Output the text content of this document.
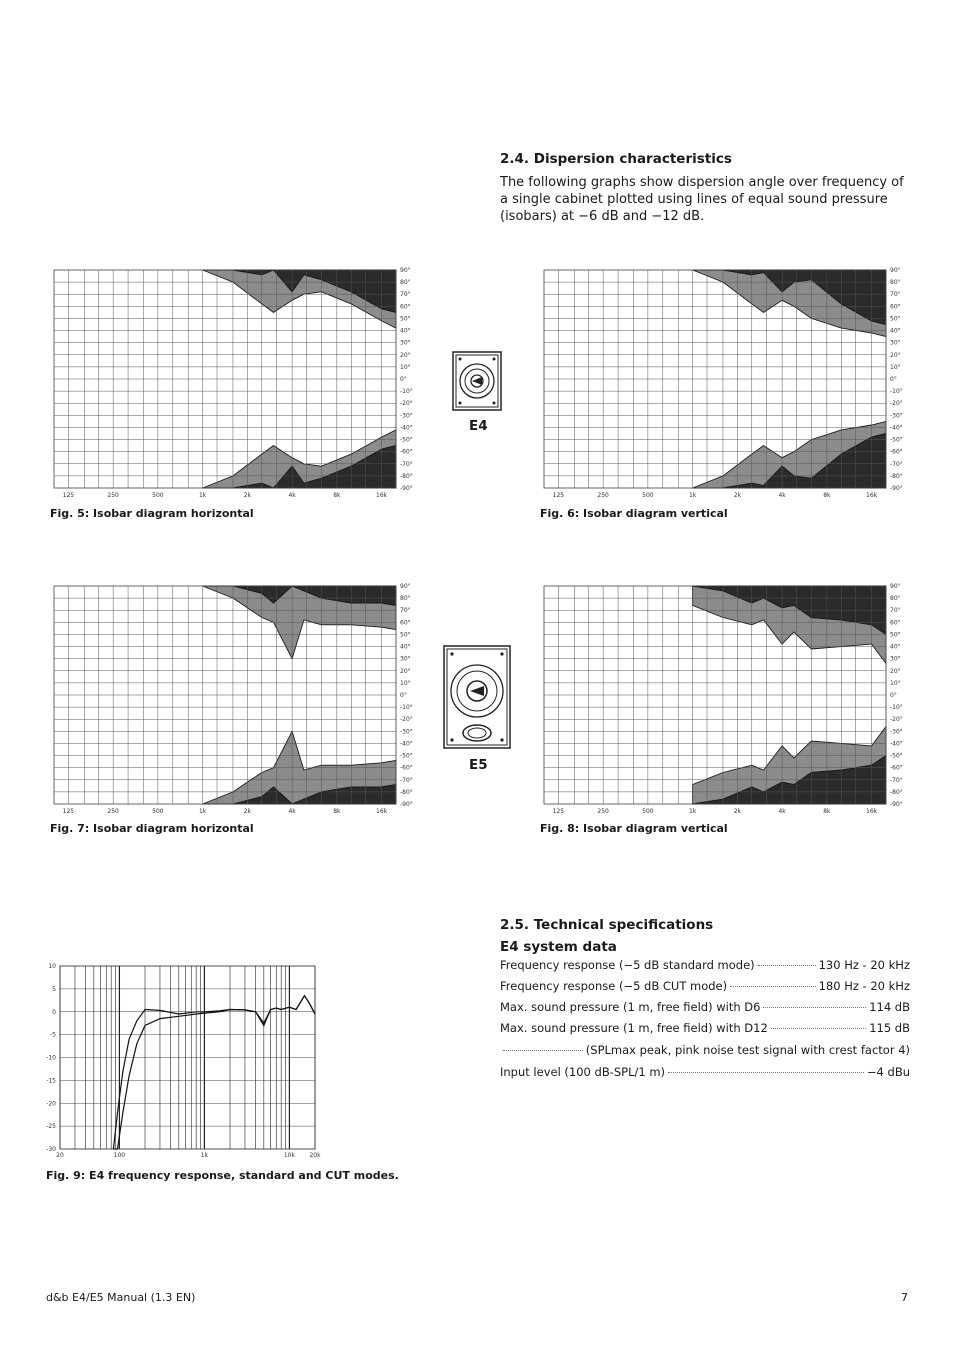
2.4. Dispersion characteristics
The following graphs show dispersion angle over frequency of a single cabinet plotted using lines of equal sound pressure (isobars) at −6 dB and −12 dB.
90°
80°
70°
60°
50°
40°
30°
20°
10°
0°
-10°
-20°
-30°
-40°
-50°
-60°
-70°
-80°
-90°
125	250	500	1k	2k	4k	8k	16k
90°
80°
70°
60°
50°
40°
30°
20°
10°
0°
-10°
-20°
-30°
-40°
-50°
-60°
-70°
-80°
-90°
125	250	500	1k	2k	4k	8k	16k
90°
80°
70°
60°
50°
40°
30°
20°
10°
0°
-10°
-20°
-30°
-40°
-50°
-60°
-70°
-80°
-90°
125	250	500	1k	2k	4k	8k	16k
90°
80°
70°
60°
50°
40°
30°
20°
10°
0°
-10°
-20°
-30°
-40°
-50°
-60°
-70°
-80°
-90°
125	250	500	1k	2k	4k	8k	16k
Fig. 5: Isobar diagram horizontal	Fig. 6: Isobar diagram vertical
Fig. 7: Isobar diagram horizontal	Fig. 8: Isobar diagram vertical
E4
E5
2.5. Technical specifications
E4 system data
Frequency response (−5 dB standard mode)	130 Hz - 20 kHz
Frequency response (−5 dB CUT mode)	180 Hz - 20 kHz
Max. sound pressure (1 m, free field) with D6	114 dB
Max. sound pressure (1 m, free field) with D12	115 dB
(SPLmax peak, pink noise test signal with crest factor 4)
Input level (100 dB-SPL/1 m)	−4 dBu
10
5
0
-5
-10
-15
-20
-25
-30
20	100	1k	10k 20k
Fig. 9: E4 frequency response, standard and CUT modes.
d&b E4/E5 Manual (1.3 EN)	7
